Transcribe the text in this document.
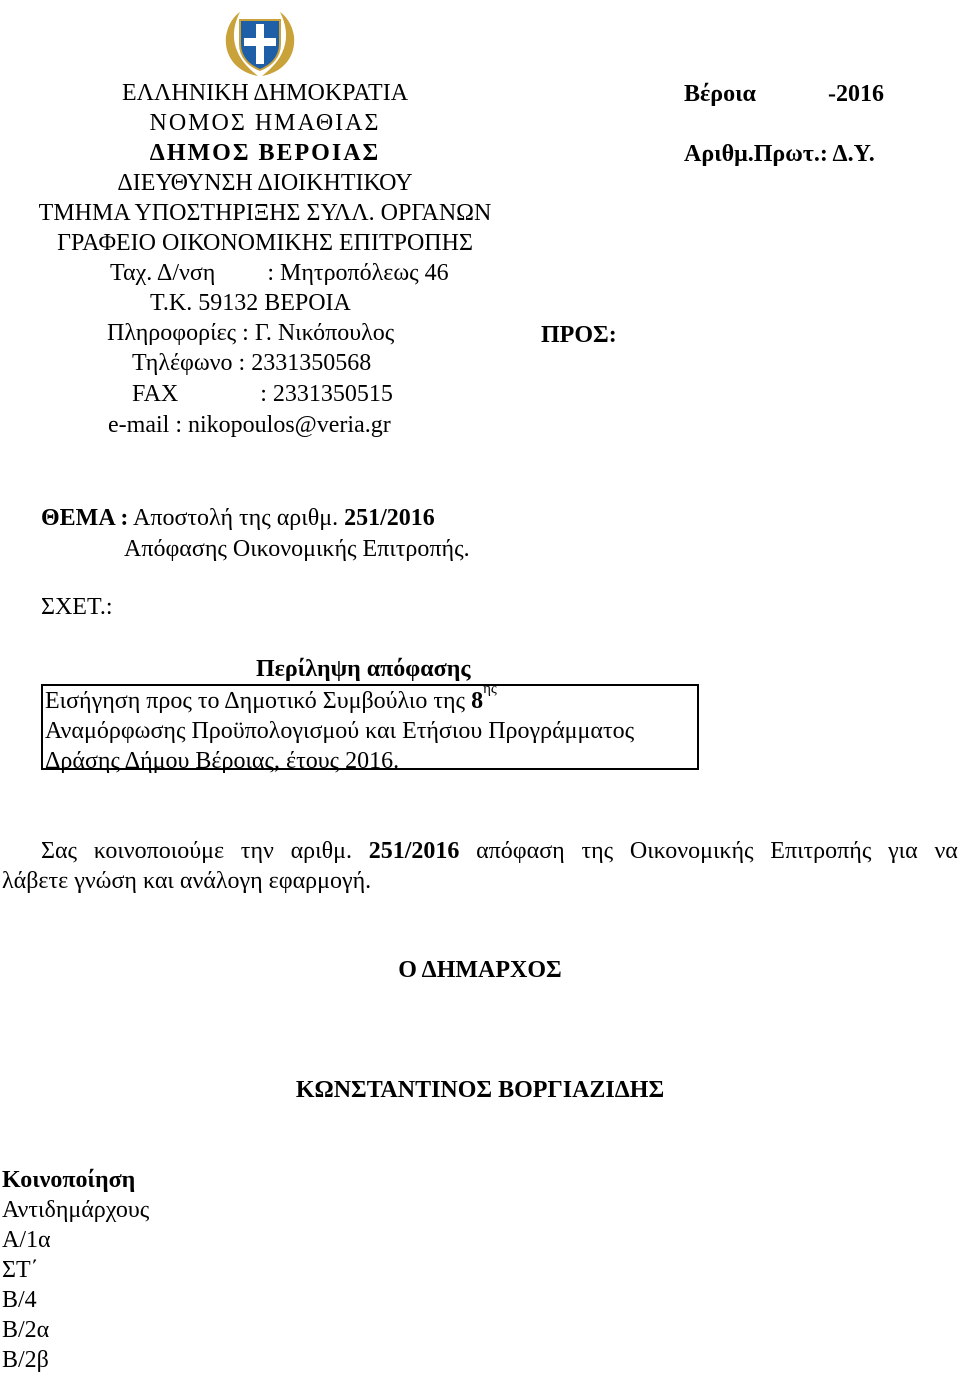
ΕΛΛΗΝΙΚΗ ΔΗΜΟΚΡΑΤΙΑ
ΝΟΜΟΣ ΗΜΑΘΙΑΣ
ΔΗΜΟΣ ΒΕΡΟΙΑΣ
ΔΙΕΥΘΥΝΣΗ ΔΙΟΙΚΗΤΙΚΟΥ
ΤΜΗΜΑ ΥΠΟΣΤΗΡΙΞΗΣ ΣΥΛΛ. ΟΡΓΑΝΩΝ
ΓΡΑΦΕΙΟ ΟΙΚΟΝΟΜΙΚΗΣ ΕΠΙΤΡΟΠΗΣ
Ταχ. Δ/νση : Μητροπόλεως 46
Τ.Κ. 59132 ΒΕΡΟΙΑ
Πληροφορίες : Γ. Νικόπουλος
Τηλέφωνο : 2331350568
FAX	: 2331350515
e-mail : nikopoulos@veria.gr
Βέροια	-2016
Αριθμ.Πρωτ.: Δ.Υ.
ΠΡΟΣ:
ΘΕΜΑ : Αποστολή της αριθμ. 251/2016
Απόφασης Οικονομικής Επιτροπής.
ΣΧΕΤ.:
Περίληψη απόφασης
Εισήγηση προς το Δημοτικό Συμβούλιο της $8^{\eta\varsigma}$
Αναμόρφωσης Προϋπολογισμού και Ετήσιου Προγράμματος
Δράσης Δήμου Βέροιας, έτους 2016.
Σας κοινοποιούμε την αριθμ. 251/2016 απόφαση της Οικονομικής Επιτροπής για να
λάβετε γνώση και ανάλογη εφαρμογή.
Ο ΔΗΜΑΡΧΟΣ
ΚΩΝΣΤΑΝΤΙΝΟΣ ΒΟΡΓΙΑΖΙΔΗΣ
Κοινοποίηση
Αντιδημάρχους
Α/1α
ΣΤ΄
Β/4
Β/2α
Β/2β
